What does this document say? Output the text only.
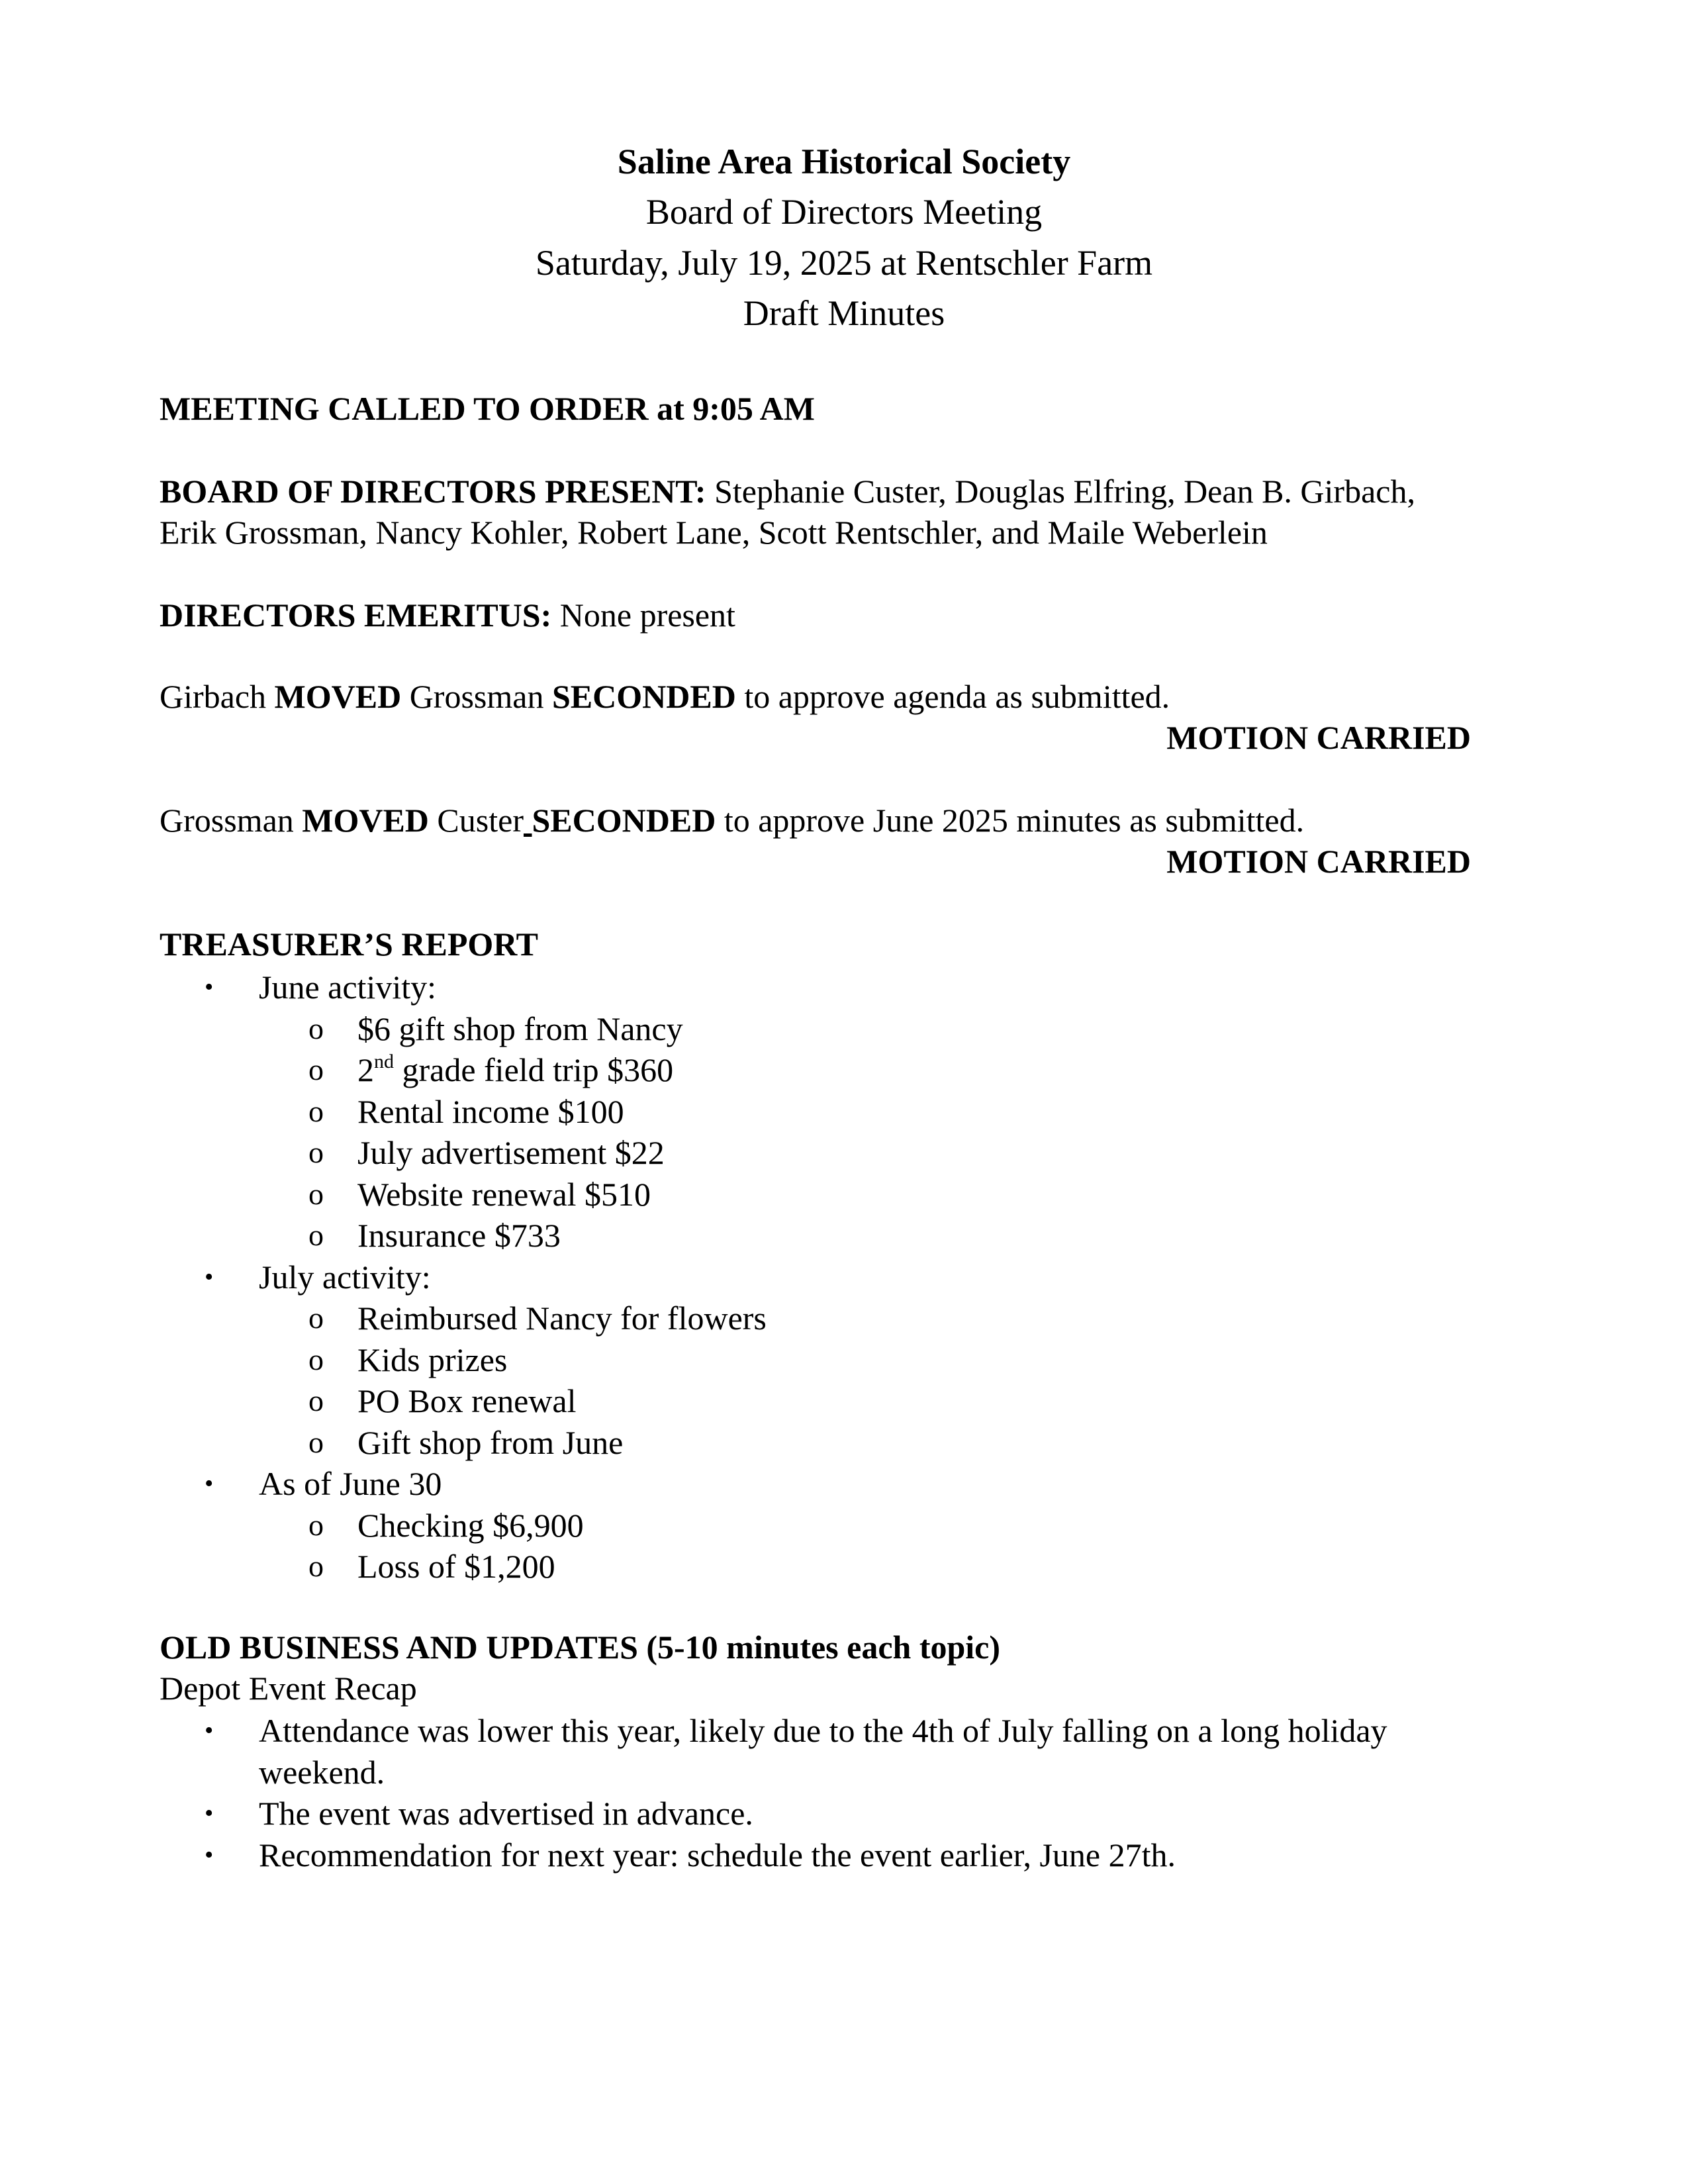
Saline Area Historical Society
Board of Directors Meeting
Saturday, July 19, 2025 at Rentschler Farm
Draft Minutes
MEETING CALLED TO ORDER at 9:05 AM
BOARD OF DIRECTORS PRESENT: Stephanie Custer, Douglas Elfring, Dean B. Girbach,
Erik Grossman, Nancy Kohler, Robert Lane, Scott Rentschler, and Maile Weberlein
DIRECTORS EMERITUS: None present
Girbach MOVED Grossman SECONDED to approve agenda as submitted.
MOTION CARRIED
Grossman MOVED Custer SECONDED to approve June 2025 minutes as submitted.
MOTION CARRIED
TREASURER’S REPORT
• June activity:
o $6 gift shop from Nancy
o 2nd grade field trip $360
o Rental income $100
o July advertisement $22
o Website renewal $510
o Insurance $733
• July activity:
o Reimbursed Nancy for flowers
o Kids prizes
o PO Box renewal
o Gift shop from June
• As of June 30
o Checking $6,900
o Loss of $1,200
OLD BUSINESS AND UPDATES (5-10 minutes each topic)
Depot Event Recap
• Attendance was lower this year, likely due to the 4th of July falling on a long holiday weekend.
• The event was advertised in advance.
• Recommendation for next year: schedule the event earlier, June 27th.
